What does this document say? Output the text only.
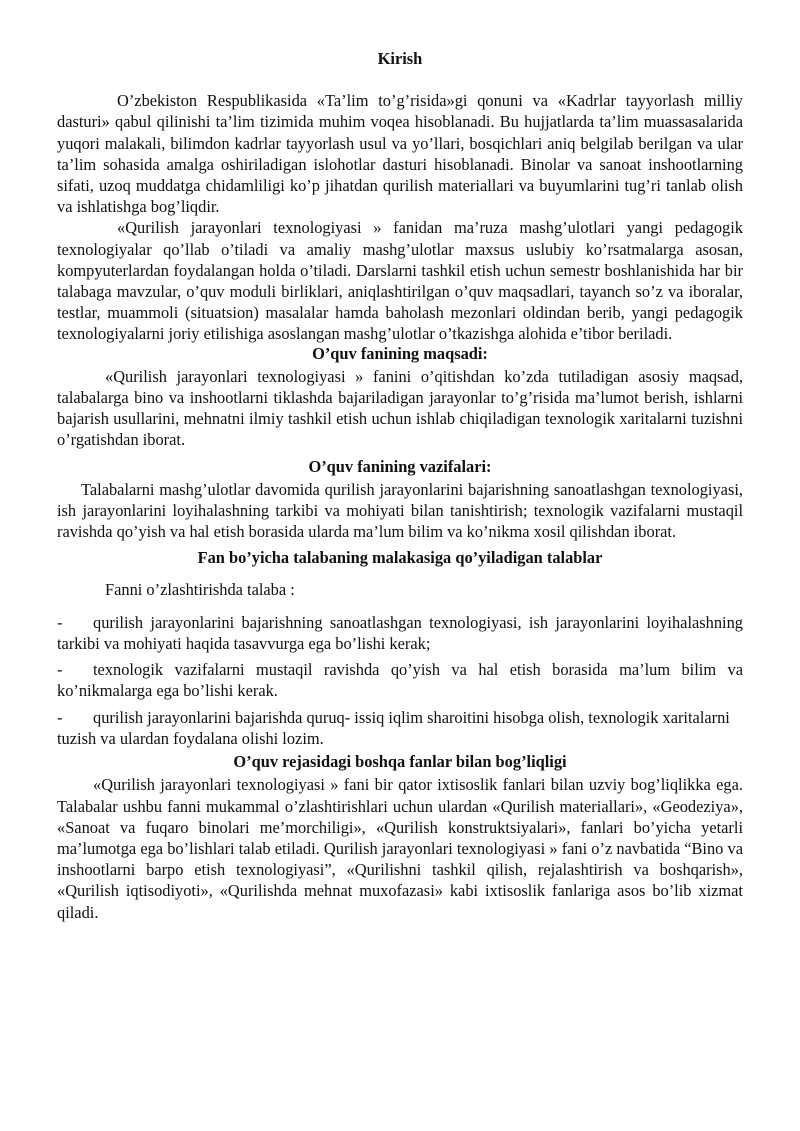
Kirish

O’zbekiston Respublikasida «Ta’lim to’g’risida»gi qonuni va «Kadrlar tayyorlash milliy dasturi» qabul qilinishi ta’lim tizimida muhim voqea hisoblanadi. Bu hujjatlarda ta’lim muassasalarida yuqori malakali, bilimdon kadrlar tayyorlash usul va yo’llari, bosqichlari aniq belgilab berilgan va ular ta’lim sohasida amalga oshiriladigan islohotlar dasturi hisoblanadi. Binolar va sanoat inshootlarning sifati, uzoq muddatga chidamliligi ko’p jihatdan qurilish materiallari va buyumlarini tug’ri tanlab olish va ishlatishga bog’liqdir.

«Qurilish jarayonlari texnologiyasi » fanidan ma’ruza mashg’ulotlari yangi pedagogik texnologiyalar qo’llab o’tiladi va amaliy mashg’ulotlar maxsus uslubiy ko’rsatmalarga asosan, kompyuterlardan foydalangan holda o’tiladi. Darslarni tashkil etish uchun semestr boshlanishida har bir talabaga mavzular, o’quv moduli birliklari, aniqlashtirilgan o’quv maqsadlari, tayanch so’z va iboralar, testlar, muammoli (situatsion) masalalar hamda baholash mezonlari oldindan berib, yangi pedagogik texnologiyalarni joriy etilishiga asoslangan mashg’ulotlar o’tkazishga alohida e’tibor beriladi.

O’quv fanining maqsadi:

«Qurilish jarayonlari texnologiyasi » fanini o’qitishdan ko’zda tutiladigan asosiy maqsad, talabalarga bino va inshootlarni tiklashda bajariladigan jarayonlar to’g’risida ma’lumot berish, ishlarni bajarish usullarini, mehnatni ilmiy tashkil etish uchun ishlab chiqiladigan texnologik xaritalarni tuzishni o’rgatishdan iborat.

O’quv fanining vazifalari:

Talabalarni mashg’ulotlar davomida qurilish jarayonlarini bajarishning sanoatlashgan texnologiyasi, ish jarayonlarini loyihalashning tarkibi va mohiyati bilan tanishtirish; texnologik vazifalarni mustaqil ravishda qo’yish va hal etish borasida ularda ma’lum bilim va ko’nikma xosil qilishdan iborat.

Fan bo’yicha talabaning malakasiga qo’yiladigan talablar

Fanni o’zlashtirishda talaba :

- qurilish jarayonlarini bajarishning sanoatlashgan texnologiyasi, ish jarayonlarini loyihalashning tarkibi va mohiyati haqida tasavvurga ega bo’lishi kerak;

- texnologik vazifalarni mustaqil ravishda qo’yish va hal etish borasida ma’lum bilim va ko’nikmalarga ega bo’lishi kerak.

- qurilish jarayonlarini bajarishda quruq- issiq iqlim sharoitini hisobga olish, texnologik xaritalarni tuzish va ulardan foydalana olishi lozim.

O’quv rejasidagi boshqa fanlar bilan bog’liqligi

«Qurilish jarayonlari texnologiyasi » fani bir qator ixtisoslik fanlari bilan uzviy bog’liqlikka ega. Talabalar ushbu fanni mukammal o’zlashtirishlari uchun ulardan «Qurilish materiallari», «Geodeziya», «Sanoat va fuqaro binolari me’morchiligi», «Qurilish konstruktsiyalari», fanlari bo’yicha yetarli ma’lumotga ega bo’lishlari talab etiladi. Qurilish jarayonlari texnologiyasi » fani o’z navbatida “Bino va inshootlarni barpo etish texnologiyasi”, «Qurilishni tashkil qilish, rejalashtirish va boshqarish», «Qurilish iqtisodiyoti», «Qurilishda mehnat muxofazasi» kabi ixtisoslik fanlariga asos bo’lib xizmat qiladi.
